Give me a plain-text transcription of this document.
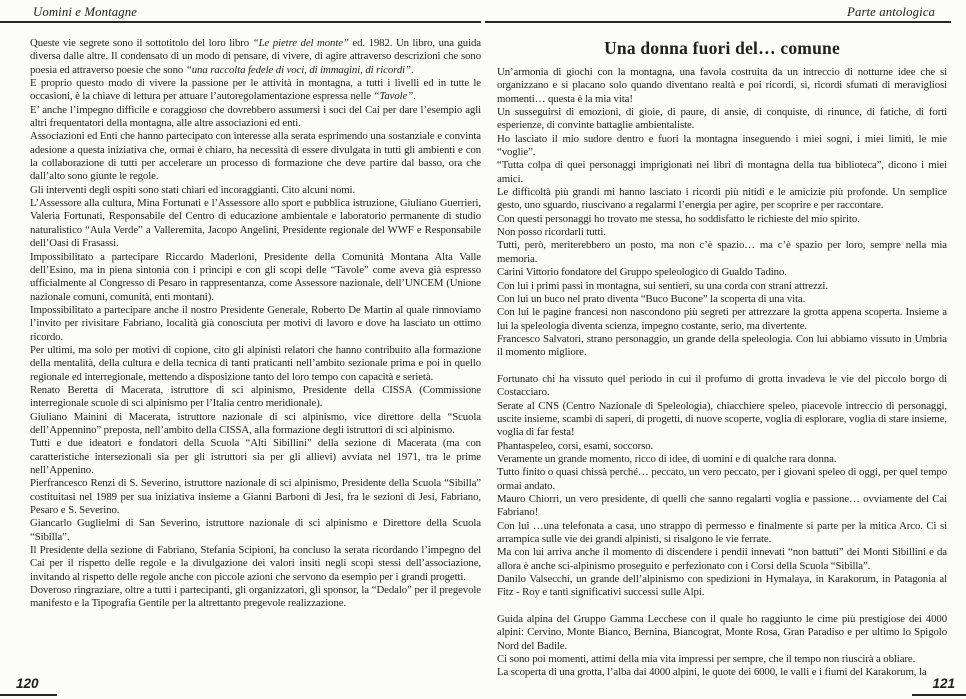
Uomini e Montagne

Queste vie segrete sono il sottotitolo del loro libro “Le pietre del monte” ed. 1982. Un libro, una guida diversa dalle altre. Il condensato di un modo di pensare, di vivere, di agire attraverso descrizioni che sono poesia ed attraverso poesie che sono “una raccolta fedele di voci, di immagini, di ricordi”.

E proprio questo modo di vivere la passione per le attività in montagna, a tutti i livelli ed in tutte le occasioni, è la chiave di lettura per attuare l’autoregolamentazione espressa nelle “Tavole”.

E’ anche l’impegno difficile e coraggioso che dovrebbero assumersi i soci del Cai per dare l’esempio agli altri frequentatori della montagna, alle altre associazioni ed enti.

Associazioni ed Enti che hanno partecipato con interesse alla serata esprimendo una sostanziale e convinta adesione a questa iniziativa che, ormai è chiaro, ha necessità di essere divulgata in tutti gli ambienti e con la collaborazione di tutti per accelerare un processo di formazione che deve partire dal basso, ora che dall’alto sono giunte le regole.

Gli interventi degli ospiti sono stati chiari ed incoraggianti. Cito alcuni nomi.

L’Assessore alla cultura, Mina Fortunati e l’Assessore allo sport e pubblica istruzione, Giuliano Guerrieri, Valeria Fortunati, Responsabile del Centro di educazione ambientale e laboratorio permanente di studio naturalistico “Aula Verde” a Valleremita, Jacopo Angelini, Presidente regionale del WWF e Responsabile dell’Oasi di Frasassi.

Impossibilitato a partecipare Riccardo Maderloni, Presidente della Comunità Montana Alta Valle dell’Esino, ma in piena sintonia con i principi e con gli scopi delle “Tavole” come aveva già espresso ufficialmente al Congresso di Pesaro in rappresentanza, come Assessore nazionale, dell’UNCEM (Unione nazionale comuni, comunità, enti montani).

Impossibilitato a partecipare anche il nostro Presidente Generale, Roberto De Martin al quale rinnoviamo l’invito per rivisitare Fabriano, località già conosciuta per motivi di lavoro e dove ha lasciato un ottimo ricordo.

Per ultimi, ma solo per motivi di copione, cito gli alpinisti relatori che hanno contribuito alla formazione della mentalità, della cultura e della tecnica di tanti praticanti nell’ambito sezionale prima e poi in quello regionale ed interregionale, mettendo a disposizione tanto del loro tempo con capacità e serietà.

Renato Beretta di Macerata, istruttore di sci alpinismo, Presidente della CISSA (Commissione interregionale scuole di sci alpinismo per l’Italia centro meridionale).

Giuliano Mainini di Macerata, istruttore nazionale di sci alpinismo, vice direttore della “Scuola dell’Appennino” preposta, nell’ambito della CISSA, alla formazione degli istruttori di sci alpinismo.

Tutti e due ideatori e fondatori della Scuola “Alti Sibillini” della sezione di Macerata (ma con caratteristiche intersezionali sia per gli istruttori sia per gli allievi) avviata nel 1971, tra le prime nell’Appenino.

Pierfrancesco Renzi di S. Severino, istruttore nazionale di sci alpinismo, Presidente della Scuola “Sibilla” costituitasi nel 1989 per sua iniziativa insieme a Gianni Barboni di Jesi, fra le sezioni di Jesi, Fabriano, Pesaro e S. Severino.

Giancarlo Guglielmi di San Severino, istruttore nazionale di sci alpinismo e Direttore della Scuola “Sibilla”.

Il Presidente della sezione di Fabriano, Stefania Scipioni, ha concluso la serata ricordando l’impegno del Cai per il rispetto delle regole e la divulgazione dei valori insiti negli scopi stessi dell’associazione, invitando al rispetto delle regole anche con piccole azioni che servono da esempio per i grandi progetti.

Doveroso ringraziare, oltre a tutti i partecipanti, gli organizzatori, gli sponsor, la “Dedalo” per il pregevole manifesto e la Tipografia Gentile per la altrettanto pregevole realizzazione.

120
Parte antologica
Una donna fuori del… comune

Un’armonia di giochi con la montagna, una favola costruita da un intreccio di notturne idee che si organizzano e si placano solo quando diventano realtà e poi ricordi, sì, ricordi sfumati di meravigliosi momenti… questa è la mia vita!

Un susseguirsi di emozioni, di gioie, di paure, di ansie, di conquiste, di rinunce, di fatiche, di forti esperienze, di convinte battaglie ambientaliste.

Ho lasciato il mio sudore dentro e fuori la montagna inseguendo i miei sogni, i miei limiti, le mie “voglie”.

“Tutta colpa di quei personaggi imprigionati nei libri di montagna della tua biblioteca”, dicono i miei amici.

Le difficoltà più grandi mi hanno lasciato i ricordi più nitidi e le amicizie più profonde. Un semplice gesto, uno sguardo, riuscivano a regalarmi l’energia per agire, per scoprire e per raccontare.

Con questi personaggi ho trovato me stessa, ho soddisfatto le richieste del mio spirito.

Non posso ricordarli tutti.

Tutti, però, meriterebbero un posto, ma non c’è spazio… ma c’è spazio per loro, sempre nella mia memoria.

Carini Vittorio fondatore del Gruppo speleologico di Gualdo Tadino.

Con lui i primi passi in montagna, sui sentieri, su una corda con strani attrezzi.

Con lui un buco nel prato diventa “Buco Bucone” la scoperta di una vita.

Con lui le pagine francesi non nascondono più segreti per attrezzare la grotta appena scoperta. Insieme a lui la speleologia diventa scienza, impegno costante, serio, ma divertente.

Francesco Salvatori, strano personaggio, un grande della speleologia. Con lui abbiamo vissuto in Umbria il momento migliore.

Fortunato chi ha vissuto quel periodo in cui il profumo di grotta invadeva le vie del piccolo borgo di Costacciaro.

Serate al CNS (Centro Nazionale di Speleologia), chiacchiere speleo, piacevole intreccio di personaggi, uscite insieme, scambi di saperi, di progetti, di nuove scoperte, voglia di esplorare, voglia di stare insieme, voglia di far festa!

Phantaspeleo, corsi, esami, soccorso.

Veramente un grande momento, ricco di idee, di uomini e di qualche rara donna.

Tutto finito o quasi chissà perché… peccato, un vero peccato, per i giovani speleo di oggi, per quel tempo ormai andato.

Mauro Chiorri, un vero presidente, di quelli che sanno regalarti voglia e passione… ovviamente del Cai Fabriano!

Con lui …una telefonata a casa, uno strappo di permesso e finalmente si parte per la mitica Arco. Ci si arrampica sulle vie dei grandi alpinisti, si risalgono le vie ferrate.

Ma con lui arriva anche il momento di discendere i pendii innevati “non battuti” dei Monti Sibillini e da allora è anche sci-alpinismo proseguito e perfezionato con i Corsi della Scuola “Sibilla”.

Danilo Valsecchi, un grande dell’alpinismo con spedizioni in Hymalaya, in Karakorum, in Patagonia al Fitz - Roy e tanti significativi successi sulle Alpi.

Guida alpina del Gruppo Gamma Lecchese con il quale ho raggiunto le cime più prestigiose dei 4000 alpini: Cervino, Monte Bianco, Bernina, Biancograt, Monte Rosa, Gran Paradiso e per ultimo lo Spigolo Nord del Badile.

Ci sono poi momenti, attimi della mia vita impressi per sempre, che il tempo non riuscirà a obliare.

La scoperta di una grotta, l’alba dai 4000 alpini, le quote dei 6000, le valli e i fiumi del Karakorum, la

121
